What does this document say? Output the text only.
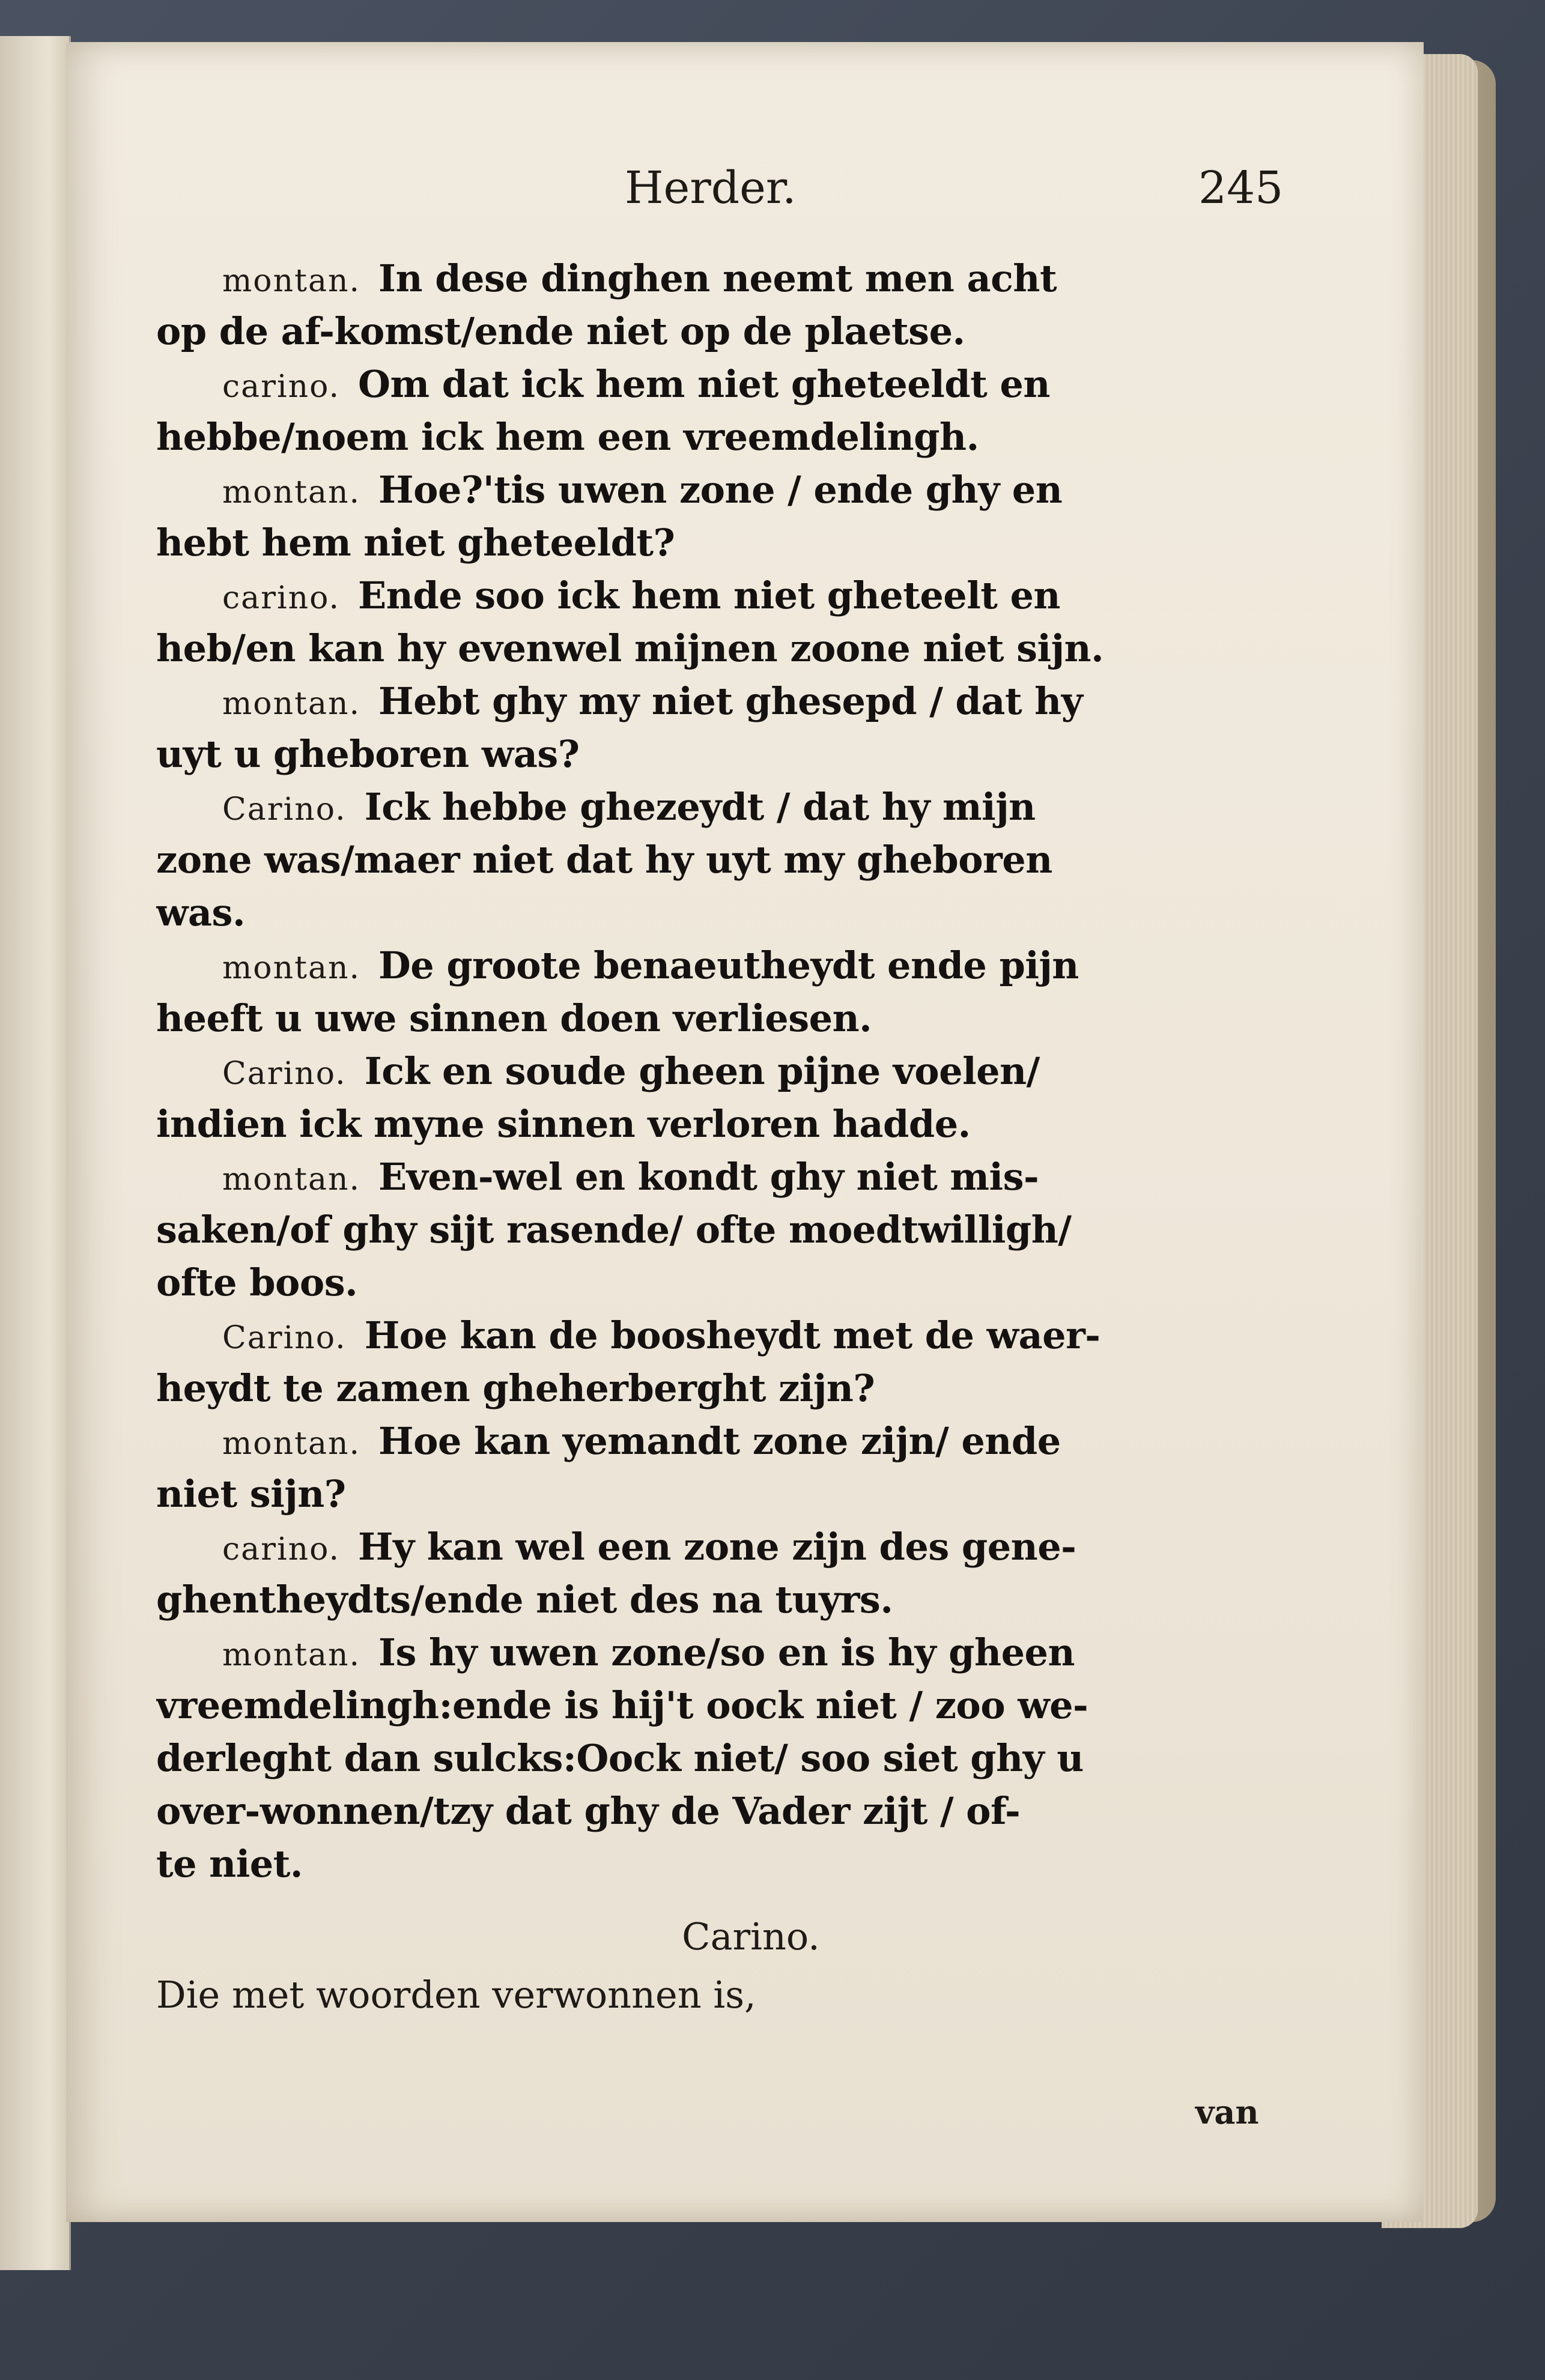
Herder.	245
montan. In dese dinghen neemt men acht
op de af-komst/ende niet op de plaetse.
carino. Om dat ick hem niet gheteeldt en
hebbe/noem ick hem een vreemdelingh.
montan. Hoe?'tis uwen zone / ende ghy en
hebt hem niet gheteeldt?
carino. Ende soo ick hem niet gheteelt en
heb/en kan hy evenwel mijnen zoone niet sijn.
montan. Hebt ghy my niet ghesepd / dat hy
uyt u gheboren was?
Carino. Ick hebbe ghezeydt / dat hy mijn
zone was/maer niet dat hy uyt my gheboren
was.
montan. De groote benaeutheydt ende pijn
heeft u uwe sinnen doen verliesen.
Carino. Ick en soude gheen pijne voelen/
indien ick myne sinnen verloren hadde.
montan. Even-wel en kondt ghy niet mis-
saken/of ghy sijt rasende/ ofte moedtwilligh/
ofte boos.
Carino. Hoe kan de boosheydt met de waer-
heydt te zamen gheherberght zijn?
montan. Hoe kan yemandt zone zijn/ ende
niet sijn?
carino. Hy kan wel een zone zijn des gene-
ghentheydts/ende niet des na tuyrs.
montan. Is hy uwen zone/so en is hy gheen
vreemdelingh:ende is hij't oock niet / zoo we-
derleght dan sulcks:Oock niet/ soo siet ghy u
over-wonnen/tzy dat ghy de Vader zijt / of-
te niet.
Carino.
Die met woorden verwonnen is,
van
